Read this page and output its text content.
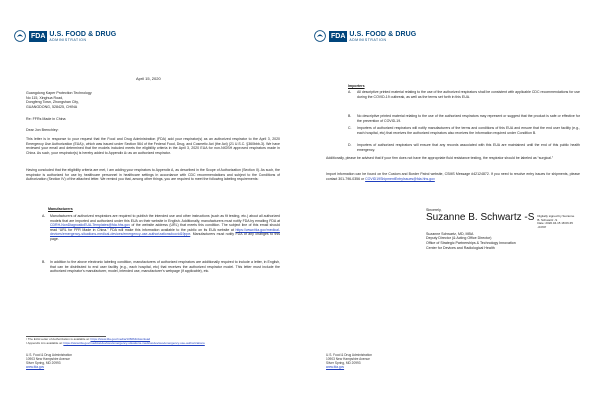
FDA U.S. FOOD & DRUG
ADMINISTRATION
April 15, 2020
Guangdong Kaper Protection Technology
No 115, Xinghua Road,
Dongfeng Town, Zhongshan City,
GUANGDONG, 528425, CHINA
Re: FFRs Made in China
Dear Jon Brenchley:
This letter is in response to your request that the Food and Drug Administration (FDA) add your respirator(s) as an authorized respirator to the April 3, 2020 Emergency Use Authorization (EUA)¹, which was issued under Section 564 of the Federal Food, Drug, and Cosmetic Act (the Act) (21 U.S.C. §360bbb-3). We have reviewed your email and determined that the models included meets the eligibility criteria in the April 3, 2020 EUA for non-NIOSH approved respirators made in China. As such, your respirator(s) is hereby added to Appendix A² as an authorized respirator.
Having concluded that the eligibility criteria are met, I am adding your respirators to Appendix A, as described in the Scope of Authorization (Section II). As such, the respirator is authorized for use by healthcare personnel in healthcare settings in accordance with CDC recommendations and subject to the Conditions of Authorization (Section IV) of the attached letter. We remind you that, among other things, you are required to meet the following labeling requirements:
Manufacturers
A. Manufacturers of authorized respirators are required to publish the intended use and other instructions (such as fit testing, etc.) about all authorized models that are imported and authorized under this EUA on their website in English. Additionally, manufacturers must notify FDA by emailing FDA at CDRH-NonDiagnosticEUA-Templates@fda.hhs.gov of the website address (URL) that meets this condition. The subject line of this email should read “URL for FFR Made in China.” FDA will make this information available to the public on its EUA website at https://www.fda.gov/medical-devices/emergency-situations-medical-devices/emergency-use-authorizations#covid19ppe. Manufacturers must notify FDA of any changes to this page.
B. In addition to the above electronic labeling condition, manufacturers of authorized respirators are additionally required to include a letter, in English, that can be distributed to end user facility (e.g., each hospital, etc) that receives the authorized respirator model. This letter must include the authorized respirator’s manufacturer, model, intended use, manufacturer’s webpage (if applicable), etc.
¹ The EUA Letter of Authorization is available at: https://www.fda.gov/media/136664/download
² Appendix A is available at: https://www.fda.gov/medical-devices/emergency-situations-medical-devices/emergency-use-authorizations
U.S. Food & Drug Administration
10903 New Hampshire Avenue
Silver Spring, MD 20993
www.fda.gov
FDA U.S. FOOD & DRUG
ADMINISTRATION
Importers
A. All descriptive printed material relating to the use of the authorized respirators shall be consistent with applicable CDC recommendations for use during the COVID-19 outbreak, as well as the terms set forth in this EUA.
B. No descriptive printed material relating to the use of the authorized respirators may represent or suggest that the product is safe or effective for the prevention of COVID-19.
C. Importers of authorized respirators will notify manufacturers of the terms and conditions of this EUA and ensure that the end user facility (e.g., each hospital, etc) that receives the authorized respirators also receives the information required under Condition B.
D. Importers of authorized respirators will ensure that any records associated with this EUA are maintained until the end of this public health emergency.
Additionally, please be advised that if your firm does not have the appropriate fluid resistance testing, the respirator should be labeled as “surgical.”
Import information can be found on the Custom and Border Patrol website, CSMS Message #42124872. If you need to resolve entry issues for shipments, please contact 301-796-0356 or COVID19ShipmentEntryIssues@fda.hhs.gov
Sincerely,
Suzanne B. Schwartz -S Digitally signed by Suzanne
B. Schwartz -S
Date: 2020.04.15 18:06:45
-04'00'
Suzanne Schwartz, MD, MBA
Deputy Director (& Acting Office Director)
Office of Strategic Partnerships & Technology Innovation
Center for Devices and Radiological Health
U.S. Food & Drug Administration
10903 New Hampshire Avenue
Silver Spring, MD 20993
www.fda.gov
